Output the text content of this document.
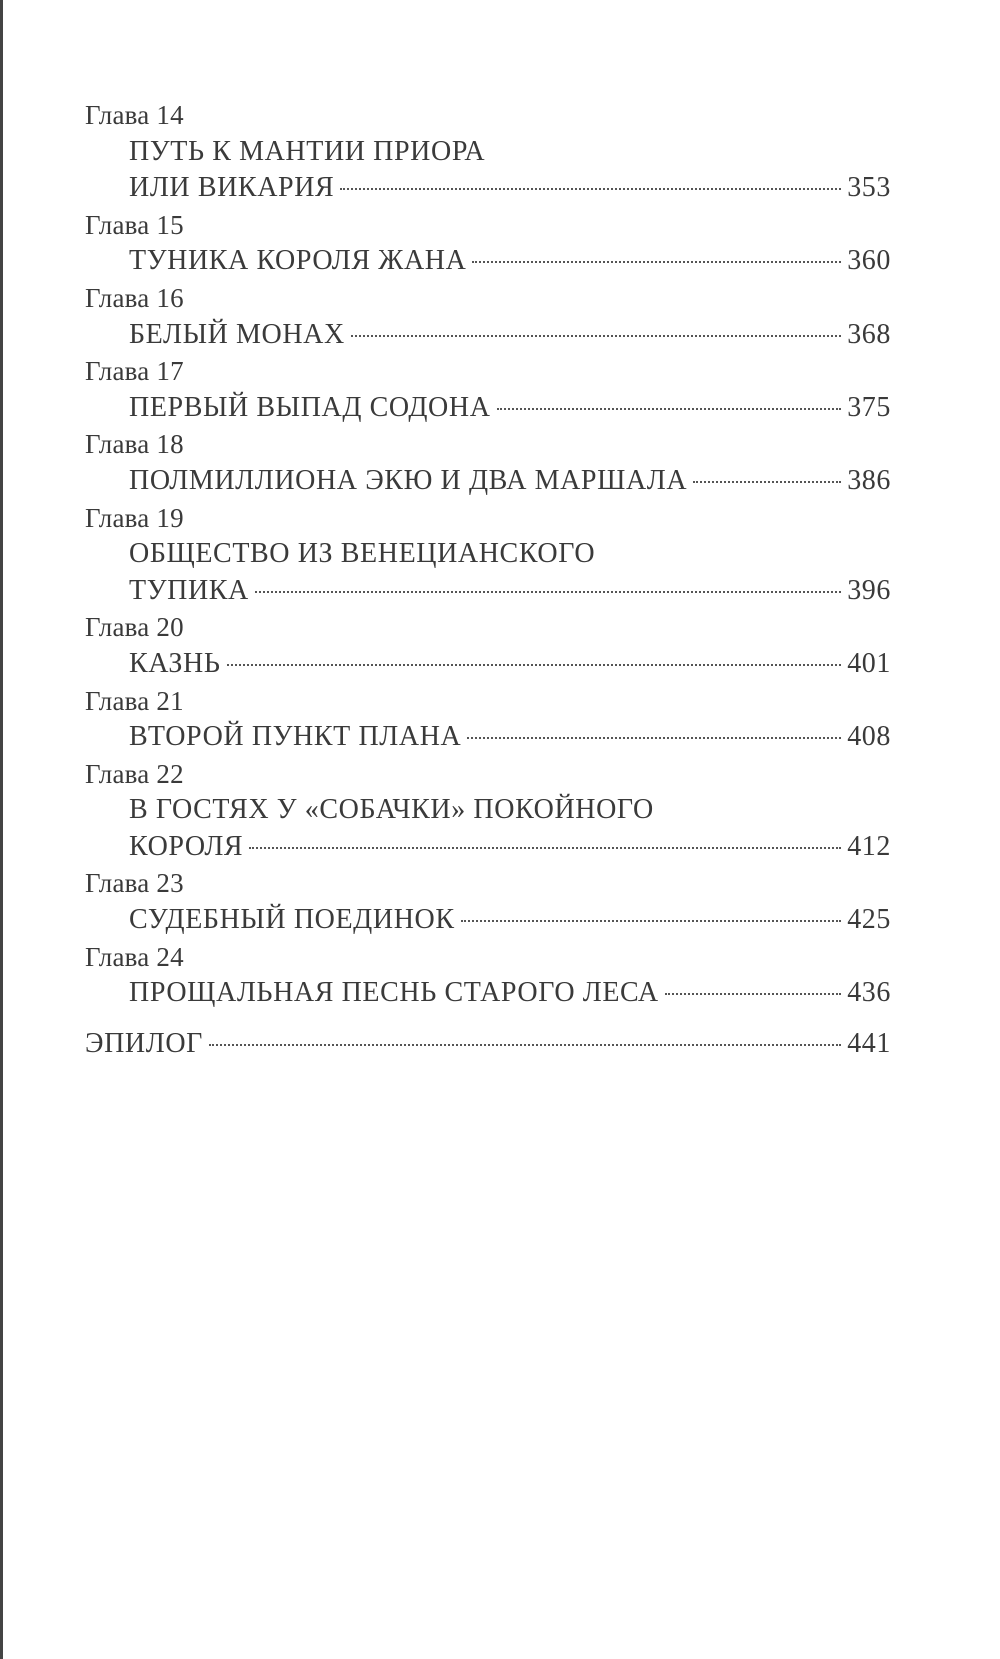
Глава 14
ПУТЬ К МАНТИИ ПРИОРА
ИЛИ ВИКАРИЯ	353
Глава 15
ТУНИКА КОРОЛЯ ЖАНА	360
Глава 16
БЕЛЫЙ МОНАХ	368
Глава 17
ПЕРВЫЙ ВЫПАД СОДОНА	375
Глава 18
ПОЛМИЛЛИОНА ЭКЮ И ДВА МАРШАЛА	386
Глава 19
ОБЩЕСТВО ИЗ ВЕНЕЦИАНСКОГО
ТУПИКА	396
Глава 20
КАЗНЬ	401
Глава 21
ВТОРОЙ ПУНКТ ПЛАНА	408
Глава 22
В ГОСТЯХ У «СОБАЧКИ» ПОКОЙНОГО
КОРОЛЯ	412
Глава 23
СУДЕБНЫЙ ПОЕДИНОК	425
Глава 24
ПРОЩАЛЬНАЯ ПЕСНЬ СТАРОГО ЛЕСА	436
ЭПИЛОГ	441
